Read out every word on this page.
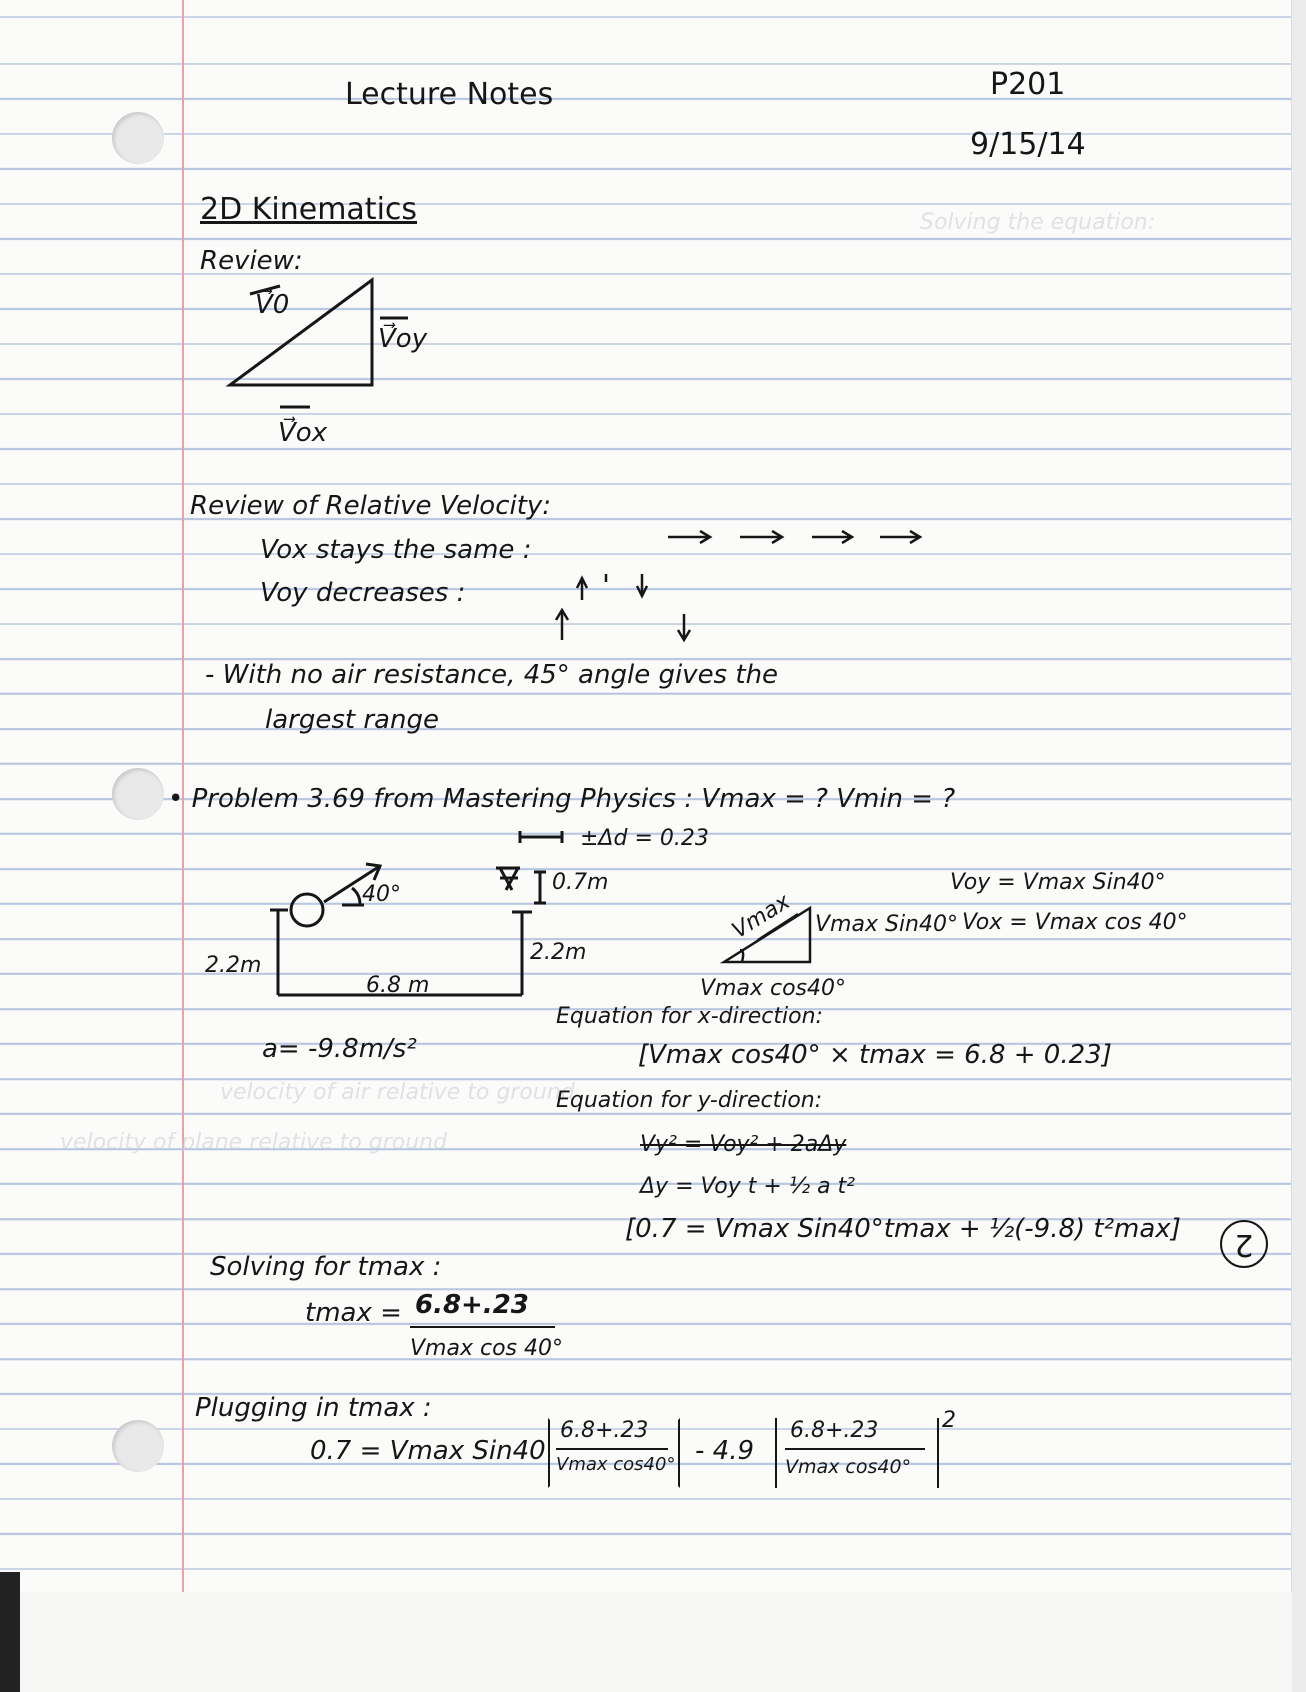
Solving the equation:
velocity of air relative to ground
velocity of plane relative to ground
Lecture Notes	P201
9/15/14
2D Kinematics
Review:
V⃗0
V⃗oy
V⃗ox
Review of Relative Velocity:
Vox stays the same :
Voy decreases :
- With no air resistance, 45° angle gives the
largest range
• Problem 3.69 from Mastering Physics : Vmax = ? Vmin = ?
±Δd = 0.23
0.7m
40°
2.2m
2.2m
6.8 m
a= -9.8m/s²
Voy = Vmax Sin40°
Vox = Vmax cos 40°
Vmax Vmax Sin40°
Vmax cos40°
Equation for x-direction:
[Vmax cos40° × tmax = 6.8 + 0.23]
Equation for y-direction:
Vy² = Voy² + 2aΔy
Δy = Voy t + ½ a t²
[0.7 = Vmax Sin40°tmax + ½(-9.8) t²max]
Solving for tmax :
tmax = 6.8+.23
Vmax cos 40°
Plugging in tmax :
0.7 = Vmax Sin40
6.8+.23
Vmax cos40° - 4.9
6.8+.23
Vmax cos40°
2
2
